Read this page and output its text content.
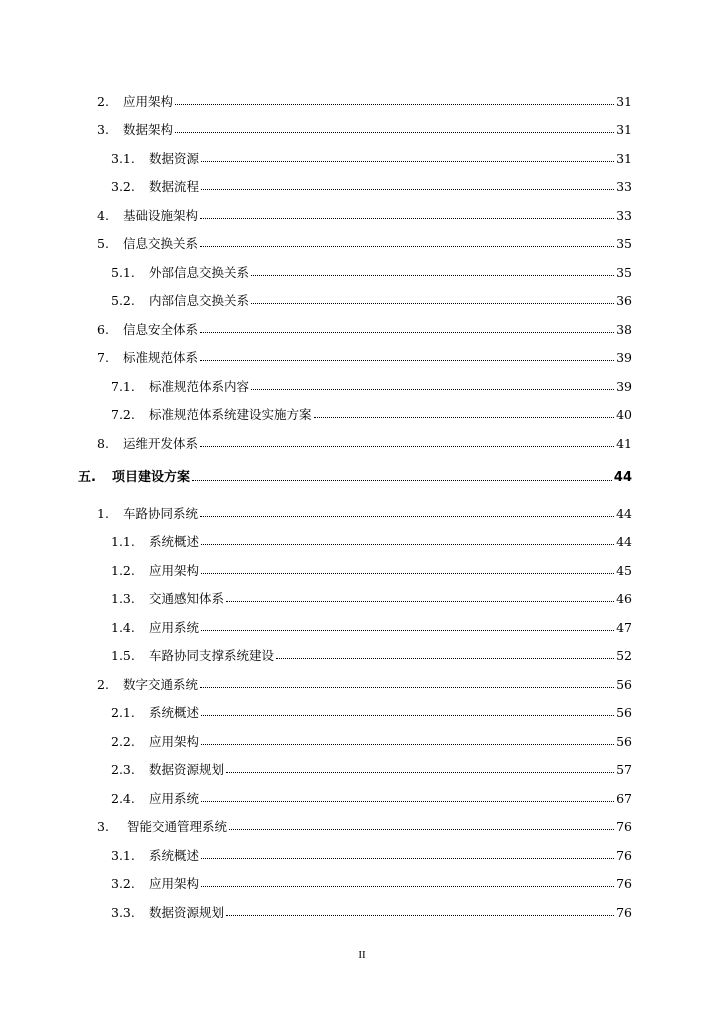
2.	应用架构	31
3.	数据架构	31
3.1.	数据资源	31
3.2.	数据流程	33
4.	基础设施架构	33
5.	信息交换关系	35
5.1.	外部信息交换关系	35
5.2.	内部信息交换关系	36
6.	信息安全体系	38
7.	标准规范体系	39
7.1.	标准规范体系内容	39
7.2.	标准规范体系统建设实施方案	40
8.	运维开发体系	41
五.	项目建设方案	44
1.	车路协同系统	44
1.1.	系统概述	44
1.2.	应用架构	45
1.3.	交通感知体系	46
1.4.	应用系统	47
1.5.	车路协同支撑系统建设	52
2.	数字交通系统	56
2.1.	系统概述	56
2.2.	应用架构	56
2.3.	数据资源规划	57
2.4.	应用系统	67
3.	智能交通管理系统	76
3.1.	系统概述	76
3.2.	应用架构	76
3.3.	数据资源规划	76
II
